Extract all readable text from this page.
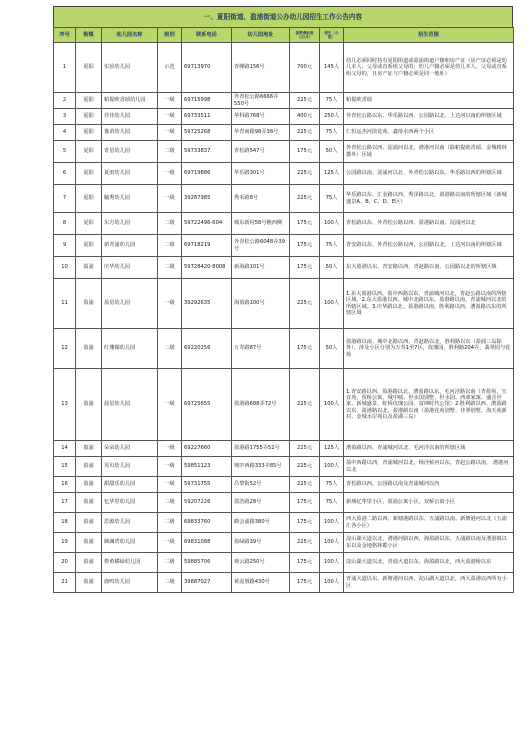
一、夏阳街道、盈浦街道公办幼儿园招生工作公告内容
序号	街镇	幼儿园名称	级别	联系电话	幼儿园地址	保教费标准（元/月）	招生（小班）	招生范围
1	夏阳	实验幼儿园	示范	69713970	青峰路156号	700元	145人	幼儿必须同时持有夏阳街道或盈浦街道户籍和房产证（房产证必须是幼儿本人、父母或直系组父母的；幼儿户籍必须是幼儿本人、父母或直系组父母的，且房产证与户籍必须是同一地址）
2	夏阳	帕提欧香颂幼儿园	一级	69715998	外青松公路6666弄550号	225元	75人	帕提欧香颂
3	夏阳	佳佳幼儿园	一级	69733511	华科路768号	400元	250人	外青松公路以东、华乐路以西、公园路以北、上达河以南的所辖区域
4	夏阳	豫苗幼儿园	一级	59725268	华青南路98弄38号	225元	75人	仁恒运杰河滨花苑、鑫琦水西两个小区
5	夏阳	奇星幼儿园	二级	59733837	青松路547号	175元	50人	外青松公路以西、淀浦河以北，漕港河以南（除帕提欧香颂、金城格林郡外）区域
6	夏阳	夏雨幼儿园	一级	69719886	华乐路301号	225元	125人	公园路以南、淀浦河以北、外青松公路以东、华乐路以西的所辖区域
7	夏阳	毓秀幼儿园	一级	39287985	秀禾路8号	225元	75人	华乐路以东、汇金路以西，秀泽路以北，盈港路以南的所辖区域（新城盛景A、B、C、D、E区）
8	夏阳	东方幼儿园	二级	59722496-604	城东新村58号樵西侧	175元	100人	青松路以东、外青松公路以西、盈港路以南、淀浦河以北
9	夏阳	新青浦幼儿园	二级	69718219	外青松公路6048弄39号	175元	75人	青安路以东、外青松公路以西，公园路以北，上达河以南的所辖区域
10	盈浦	庆华幼儿园	二级	59728420-8008	新海路101号	175元	50人	东大盈港以东、青安路以西、青赵路以南、公园路以北的所辖区域
11	盈浦	盈星幼儿园	一级	39292635	海盈路100号	225元	100人	1.东大盈港以西，盈中西路以东，青浦城河以北，青赵公路以南的所辖区域。2.东大盈港以西，城中北路以东，盈港路以南，青浦城河以北的所辖区域。3.庆华路以北、盈港路以南，胜利路以西，漕盈路以东的所辖区域
12	盈浦	红珊瑚幼儿园	二级	69220256	万寿路87号	175元	50人	盈港路以南、城中北路以西、青赵路以北，胜利路以东（盈浦三岛除外），涉及小区分别为万寿1至7区，玫瑰园，胜利路204弄，翡翠园与花苑
13	盈浦	晨星幼儿园	一级	69725655	盈港路688弄72号	225元	100人	1.青安路以西、盈港路以北、漕盈路以东、毛河泾路以南（青盈苑、宝宜苑、贸桥公寓、城中城、世水国别墅、世水园、西郊家寓、盛音世家、新城盛景、虹桥玫瑰公园、富坤时代公馆）2.胜利路以西、漕盈路以东、盈港路以北，盈港路以南（盈港花苑别墅、佳翠别墅、海天苑新村、金城水岸苑以及盈湖三岛）
14	盈浦	朵朵幼儿园	一级	69227660	盈港路1755弄52号	225元	125人	漕盈路以西、青浦城河以北、毛河泾以南的所辖区域
15	盈浦	贝贝幼儿园	一级	59851123	城中西路333弄85号	225元	100人	盈中西路以西，青浦城河以北，杨泾桥河以东，青赵公路以南， 漕港河以北
16	盈浦	甜甜乐幼儿园	一级	59731755	昌黎街52号	225元	75人	青松路以西，公园路以南及青浦城河以内
17	盈浦	忆华里幼儿园	二级	59207226	盈浩路28号	175元	75人	新城忆华里小区，盈浦公寓小区，双桥公寓小区
18	盈浦	思源幼儿园	二级	69833760	鹤会浦路380号	175元	100人	西大盈港二路以西、新塘港路以东、五浦路以南、新塘港河以北（五浦汇各小区）
19	盈浦	御澜湾幼儿园	一级	69831088	盈绿路39号	225元	100人	淀山湖大道以北，漕港河路以西，海盈路以东，五浦路以南及漕港镇以东以及金地格林郡小区
20	盈浦	橙黄橘绿幼儿园	二级	59885706	观云路250号	175元	100人	淀山湖大道以北，青浦大道以东，海盈路以北，西大盈港桥以东
21	盈浦	鹿鸣幼儿园	二级	39887027	黄泥墩路430号	175元	100人	青浦大道以东，新塘港河以西，淀山湖大道以北，西大盈港以西所有小区
